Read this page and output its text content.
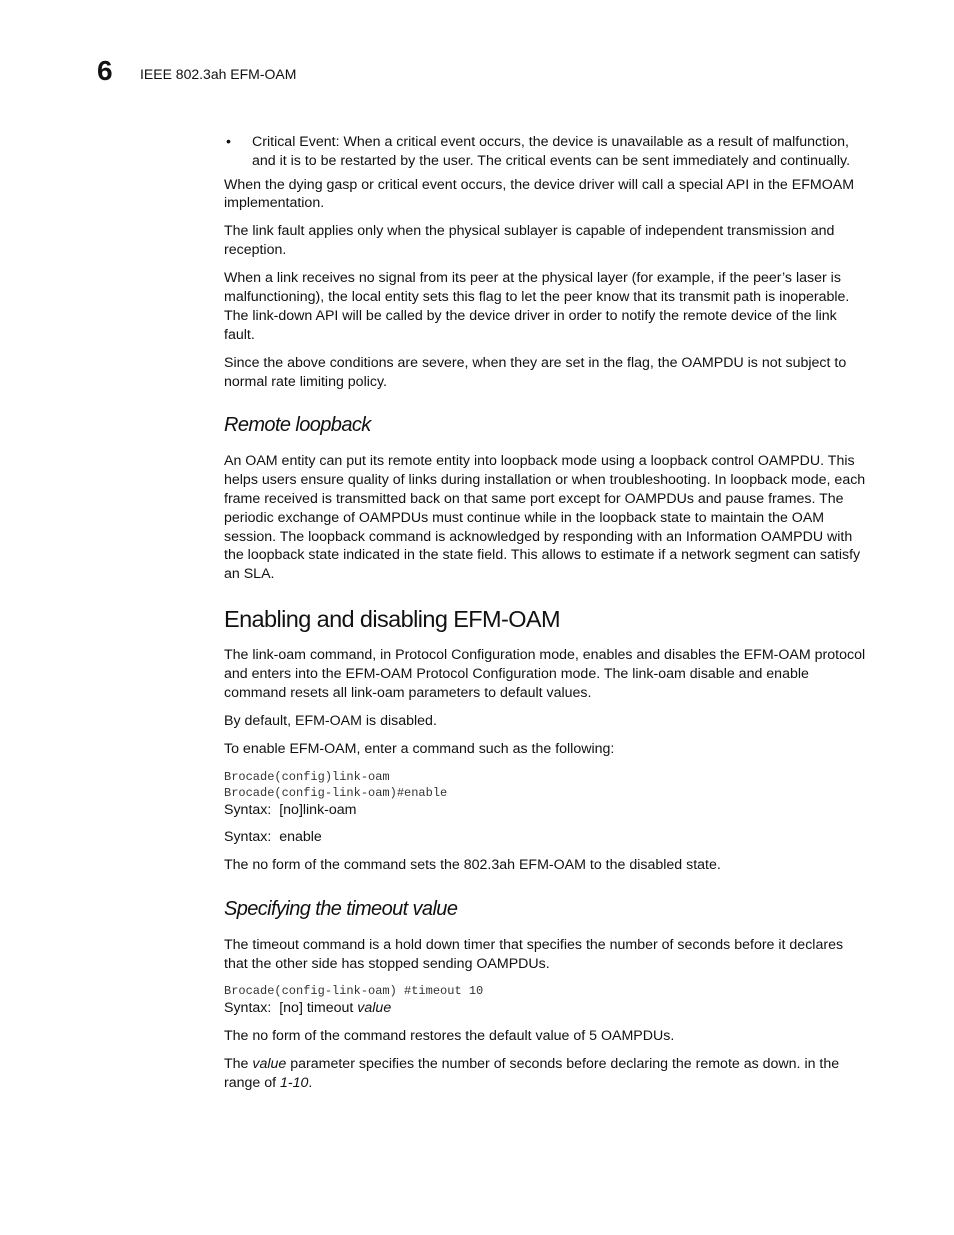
6 IEEE 802.3ah EFM-OAM
• Critical Event: When a critical event occurs, the device is unavailable as a result of malfunction, and it is to be restarted by the user. The critical events can be sent immediately and continually.

When the dying gasp or critical event occurs, the device driver will call a special API in the EFMOAM implementation.

The link fault applies only when the physical sublayer is capable of independent transmission and reception.

When a link receives no signal from its peer at the physical layer (for example, if the peer’s laser is malfunctioning), the local entity sets this flag to let the peer know that its transmit path is inoperable. The link-down API will be called by the device driver in order to notify the remote device of the link fault.

Since the above conditions are severe, when they are set in the flag, the OAMPDU is not subject to normal rate limiting policy.

Remote loopback

An OAM entity can put its remote entity into loopback mode using a loopback control OAMPDU. This helps users ensure quality of links during installation or when troubleshooting. In loopback mode, each frame received is transmitted back on that same port except for OAMPDUs and pause frames. The periodic exchange of OAMPDUs must continue while in the loopback state to maintain the OAM session. The loopback command is acknowledged by responding with an Information OAMPDU with the loopback state indicated in the state field. This allows to estimate if a network segment can satisfy an SLA.

Enabling and disabling EFM-OAM

The link-oam command, in Protocol Configuration mode, enables and disables the EFM-OAM protocol and enters into the EFM-OAM Protocol Configuration mode. The link-oam disable and enable command resets all link-oam parameters to default values.

By default, EFM-OAM is disabled.

To enable EFM-OAM, enter a command such as the following:

Brocade(config)link-oam
Brocade(config-link-oam)#enable
Syntax: [no]link-oam
Syntax: enable

The no form of the command sets the 802.3ah EFM-OAM to the disabled state.

Specifying the timeout value

The timeout command is a hold down timer that specifies the number of seconds before it declares that the other side has stopped sending OAMPDUs.

Brocade(config-link-oam) #timeout 10
Syntax: [no] timeout value

The no form of the command restores the default value of 5 OAMPDUs.

The value parameter specifies the number of seconds before declaring the remote as down. in the range of 1-10.
